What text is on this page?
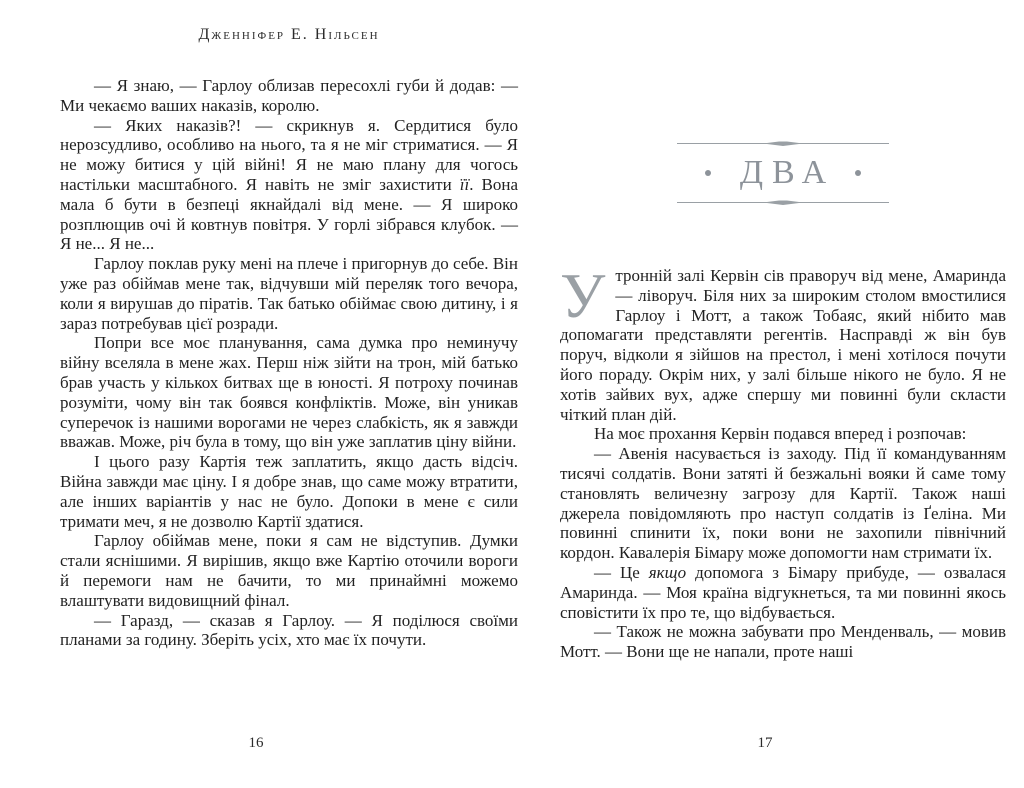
Дженніфер Е. Нільсен

— Я знаю, — Гарлоу облизав пересохлі губи й додав: — Ми чекаємо ваших наказів, королю.

— Яких наказів?! — скрикнув я. Сердитися було нерозсудливо, особливо на нього, та я не міг стриматися. — Я не можу битися у цій війні! Я не маю плану для чогось настільки масштабного. Я навіть не зміг захистити її. Вона мала б бути в безпеці якнайдалі від мене. — Я широко розплющив очі й ковтнув повітря. У горлі зібрався клубок. — Я не... Я не...

Гарлоу поклав руку мені на плече і пригорнув до себе. Він уже раз обіймав мене так, відчувши мій переляк того вечора, коли я вирушав до піратів. Так батько обіймає свою дитину, і я зараз потребував цієї розради.

Попри все моє планування, сама думка про неминучу війну вселяла в мене жах. Перш ніж зійти на трон, мій батько брав участь у кількох битвах ще в юності. Я потроху починав розуміти, чому він так боявся конфліктів. Може, він уникав суперечок із нашими ворогами не через слабкість, як я завжди вважав. Може, річ була в тому, що він уже заплатив ціну війни.

І цього разу Картія теж заплатить, якщо дасть відсіч. Війна завжди має ціну. І я добре знав, що саме можу втратити, але інших варіантів у нас не було. Допоки в мене є сили тримати меч, я не дозволю Картії здатися.

Гарлоу обіймав мене, поки я сам не відступив. Думки стали яснішими. Я вирішив, якщо вже Картію оточили вороги й перемоги нам не бачити, то ми принаймні можемо влаштувати видовищний фінал.

— Гаразд, — сказав я Гарлоу. — Я поділюся своїми планами за годину. Зберіть усіх, хто має їх почути.

16
ДВА

Утронній залі Кервін сів праворуч від мене, Амаринда — ліворуч. Біля них за широким столом вмостилися Гарлоу і Мотт, а також Тобаяс, який нібито мав допомагати представляти регентів. Насправді ж він був поруч, відколи я зійшов на престол, і мені хотілося почути його пораду. Окрім них, у залі більше нікого не було. Я не хотів зайвих вух, адже спершу ми повинні були скласти чіткий план дій.

На моє прохання Кервін подався вперед і розпочав:

— Авенія насувається із заходу. Під її командуванням тисячі солдатів. Вони затяті й безжальні вояки й саме тому становлять величезну загрозу для Картії. Також наші джерела повідомляють про наступ солдатів із Ґеліна. Ми повинні спинити їх, поки вони не захопили північний кордон. Кавалерія Бімару може допомогти нам стримати їх.

— Це якщо допомога з Бімару прибуде, — озвалася Амаринда. — Моя країна відгукнеться, та ми повинні якось сповістити їх про те, що відбувається.

— Також не можна забувати про Менденваль, — мовив Мотт. — Вони ще не напали, проте наші

17
